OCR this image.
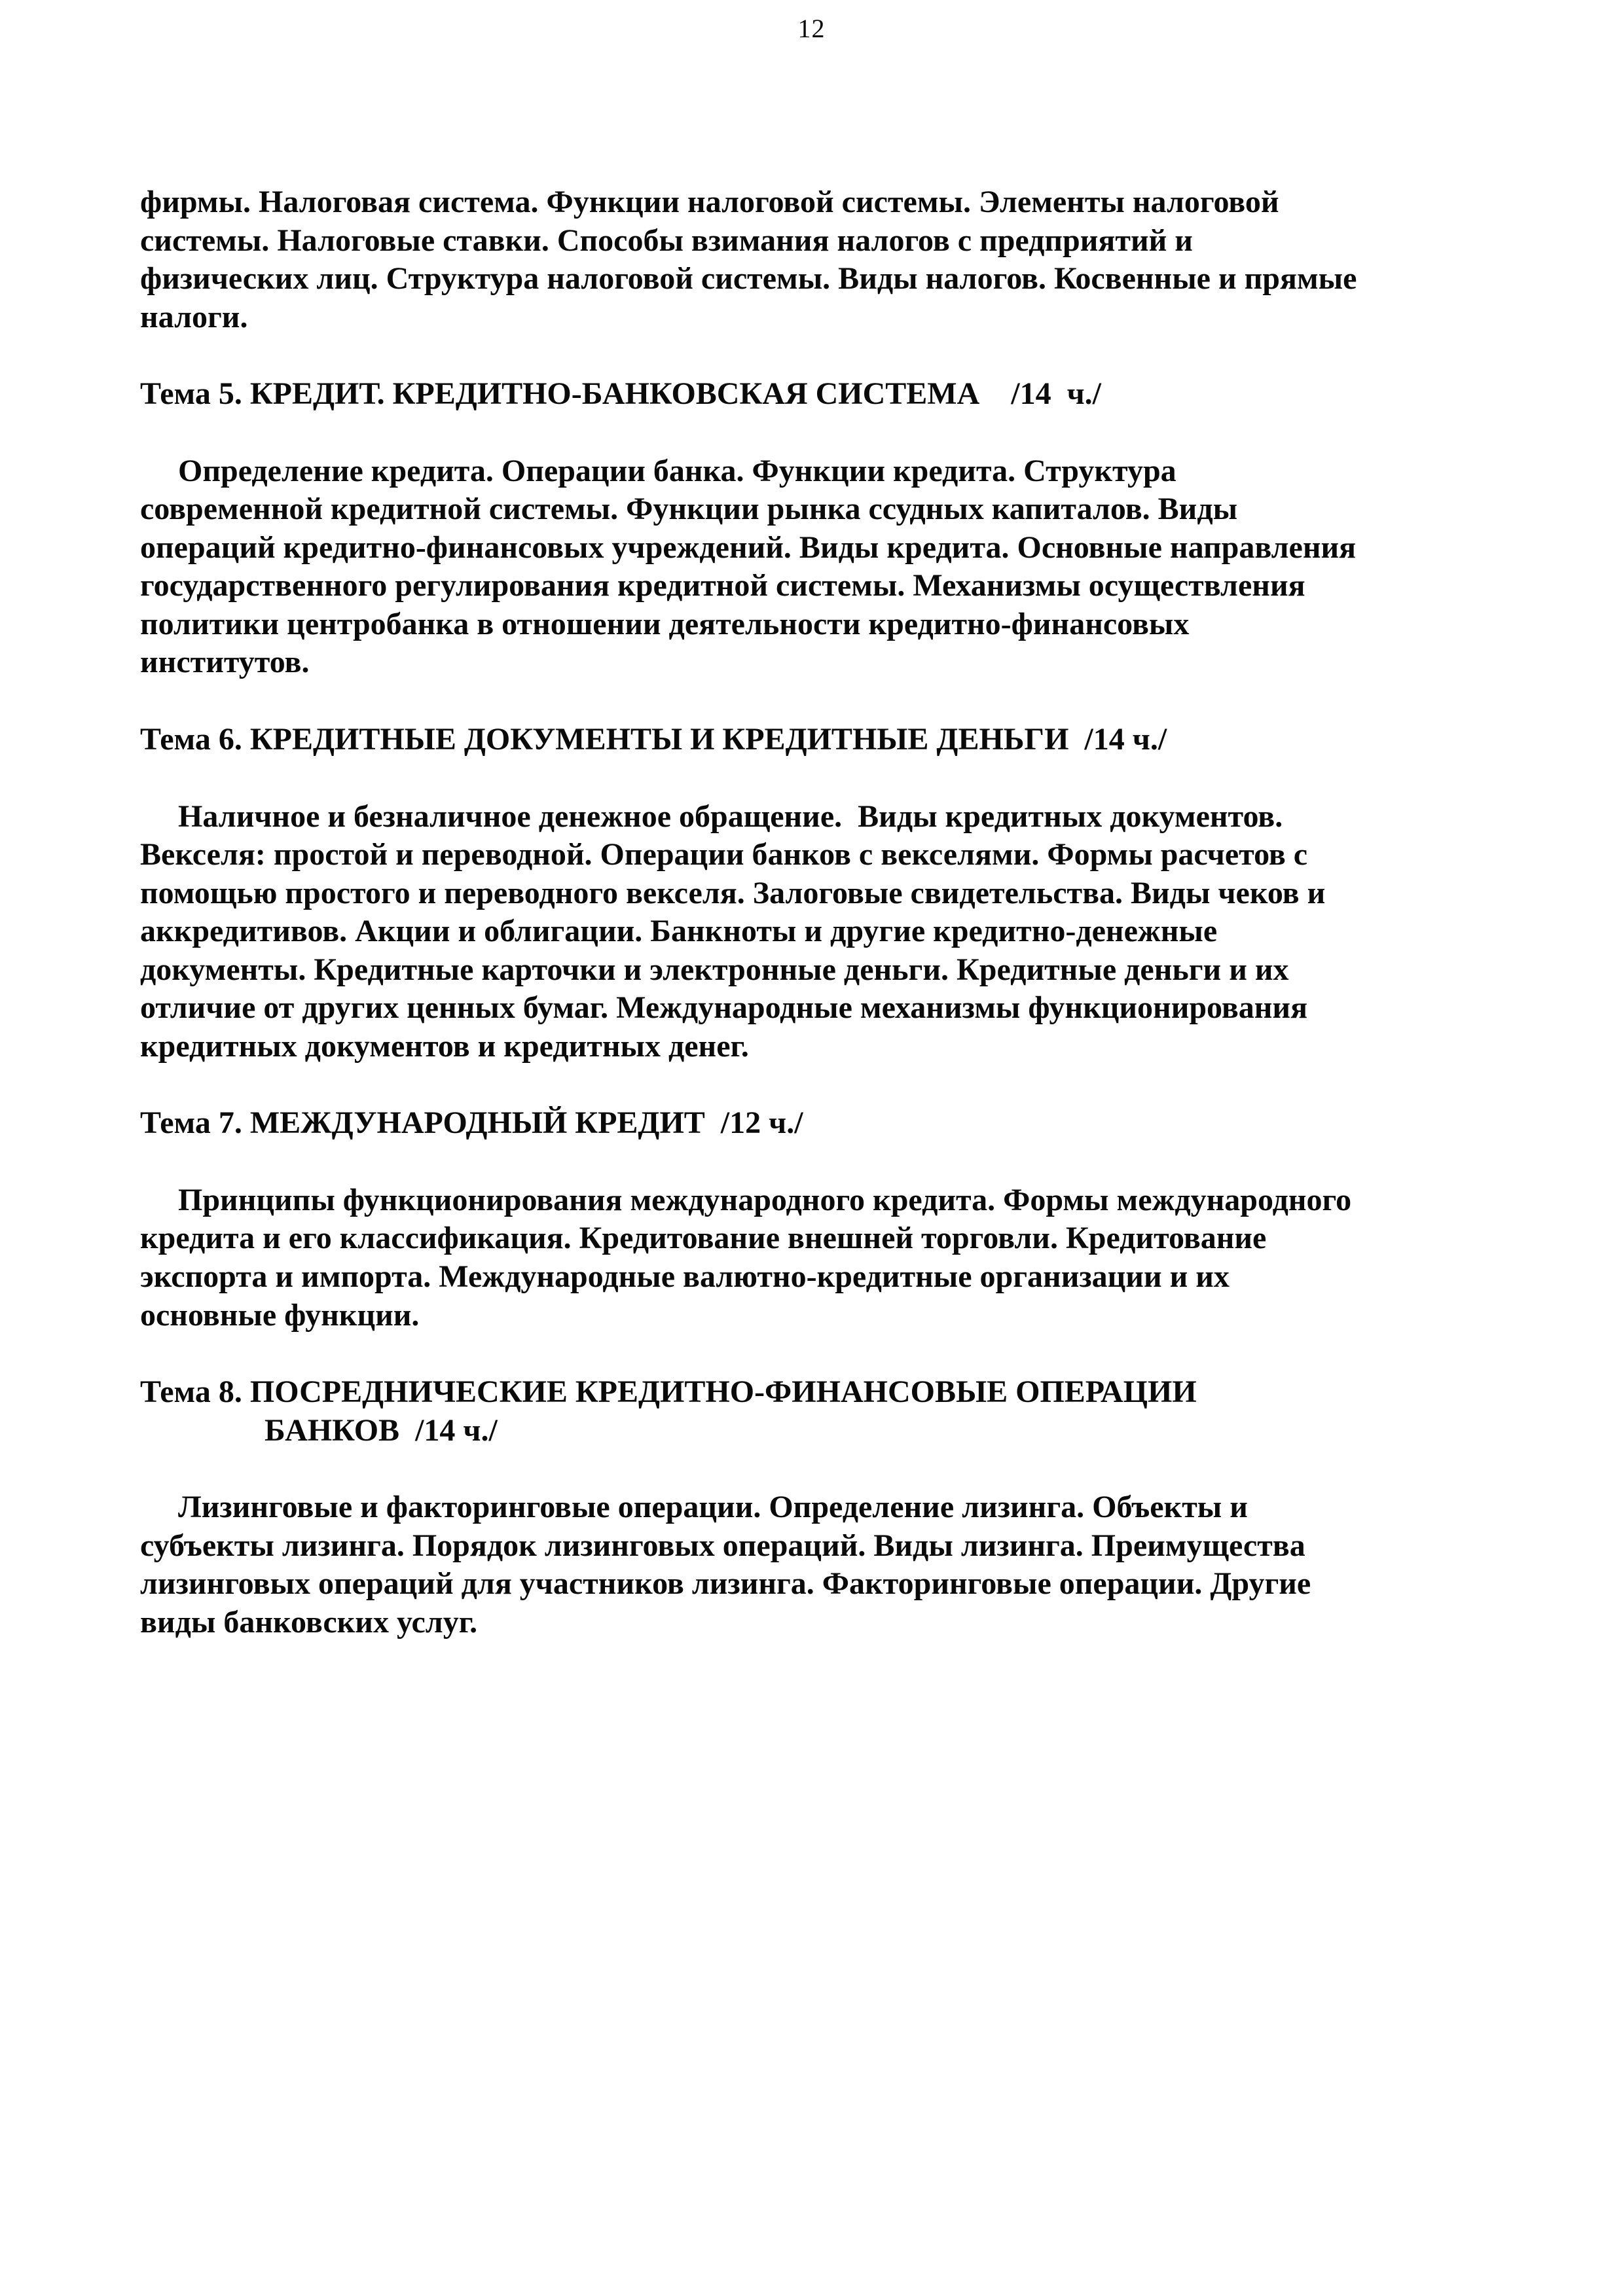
12

фирмы. Налоговая система. Функции налоговой системы. Элементы налоговой системы. Налоговые ставки. Способы взимания налогов с предприятий и физических лиц. Структура налоговой системы. Виды налогов. Косвенные и прямые налоги.

Тема 5. КРЕДИТ. КРЕДИТНО-БАНКОВСКАЯ СИСТЕМА    /14  ч./

Определение кредита. Операции банка. Функции кредита. Структура современной кредитной системы. Функции рынка ссудных капиталов. Виды операций кредитно-финансовых учреждений. Виды кредита. Основные направления государственного регулирования кредитной системы. Механизмы осуществления политики центробанка в отношении деятельности кредитно-финансовых институтов.

Тема 6. КРЕДИТНЫЕ ДОКУМЕНТЫ И КРЕДИТНЫЕ ДЕНЬГИ  /14 ч./

Наличное и безналичное денежное обращение.  Виды кредитных документов. Векселя: простой и переводной. Операции банков с векселями. Формы расчетов с помощью простого и переводного векселя. Залоговые свидетельства. Виды чеков и аккредитивов. Акции и облигации. Банкноты и другие кредитно-денежные документы. Кредитные карточки и электронные деньги. Кредитные деньги и их отличие от других ценных бумаг. Международные механизмы функционирования кредитных документов и кредитных денег.

Тема 7. МЕЖДУНАРОДНЫЙ КРЕДИТ  /12 ч./

Принципы функционирования международного кредита. Формы международного кредита и его классификация. Кредитование внешней торговли. Кредитование экспорта и импорта. Международные валютно-кредитные организации и их основные функции.

Тема 8. ПОСРЕДНИЧЕСКИЕ КРЕДИТНО-ФИНАНСОВЫЕ ОПЕРАЦИИ

БАНКОВ  /14 ч./

Лизинговые и факторинговые операции. Определение лизинга. Объекты и субъекты лизинга. Порядок лизинговых операций. Виды лизинга. Преимущества  лизинговых операций для участников лизинга. Факторинговые операции. Другие виды банковских услуг.
